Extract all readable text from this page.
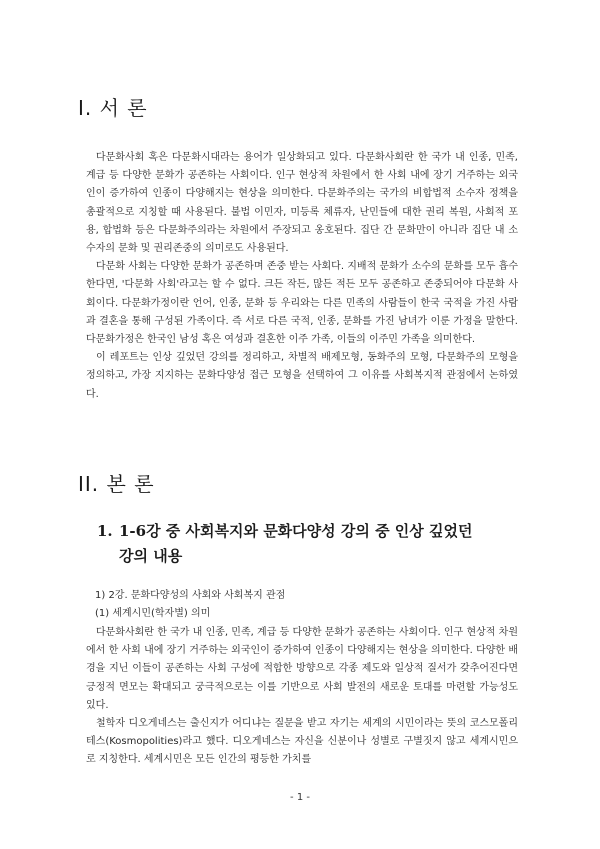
I. 서 론

다문화사회 혹은 다문화시대라는 용어가 일상화되고 있다. 다문화사회란 한 국가 내 인종, 민족, 계급 등 다양한 문화가 공존하는 사회이다. 인구 현상적 차원에서 한 사회 내에 장기 거주하는 외국인이 증가하여 인종이 다양해지는 현상을 의미한다. 다문화주의는 국가의 비합법적 소수자 정책을 총괄적으로 지칭할 때 사용된다. 불법 이민자, 미등록 체류자, 난민들에 대한 권리 복원, 사회적 포용, 합법화 등은 다문화주의라는 차원에서 주장되고 옹호된다. 집단 간 문화만이 아니라 집단 내 소수자의 문화 및 권리존중의 의미로도 사용된다.

다문화 사회는 다양한 문화가 공존하며 존중 받는 사회다. 지배적 문화가 소수의 문화를 모두 흡수한다면, '다문화 사회'라고는 할 수 없다. 크든 작든, 많든 적든 모두 공존하고 존중되어야 다문화 사회이다. 다문화가정이란 언어, 인종, 문화 등 우리와는 다른 민족의 사람들이 한국 국적을 가진 사람과 결혼을 통해 구성된 가족이다. 즉 서로 다른 국적, 인종, 문화를 가진 남녀가 이룬 가정을 말한다. 다문화가정은 한국인 남성 혹은 여성과 결혼한 이주 가족, 이들의 이주민 가족을 의미한다.

이 레포트는 인상 깊었던 강의를 정리하고, 차별적 배제모형, 동화주의 모형, 다문화주의 모형을 정의하고, 가장 지지하는 문화다양성 접근 모형을 선택하여 그 이유를 사회복지적 관점에서 논하였다.

II. 본 론
1. 1-6강 중 사회복지와 문화다양성 강의 중 인상 깊었던
강의 내용

1) 2강. 문화다양성의 사회와 사회복지 관점

(1) 세계시민(학자별) 의미

다문화사회란 한 국가 내 인종, 민족, 계급 등 다양한 문화가 공존하는 사회이다. 인구 현상적 차원에서 한 사회 내에 장기 거주하는 외국인이 증가하여 인종이 다양해지는 현상을 의미한다. 다양한 배경을 지닌 이들이 공존하는 사회 구성에 적합한 방향으로 각종 제도와 일상적 질서가 갖추어진다면 긍정적 면모는 확대되고 궁극적으로는 이를 기반으로 사회 발전의 새로운 토대를 마련할 가능성도 있다.

철학자 디오게네스는 출신지가 어디냐는 질문을 받고 자기는 세계의 시민이라는 뜻의 코스모폴리테스(Kosmopolities)라고 했다. 디오게네스는 자신을 신분이나 성별로 구별짓지 않고 세계시민으로 지칭한다. 세계시민은 모든 인간의 평등한 가치를

- 1 -
